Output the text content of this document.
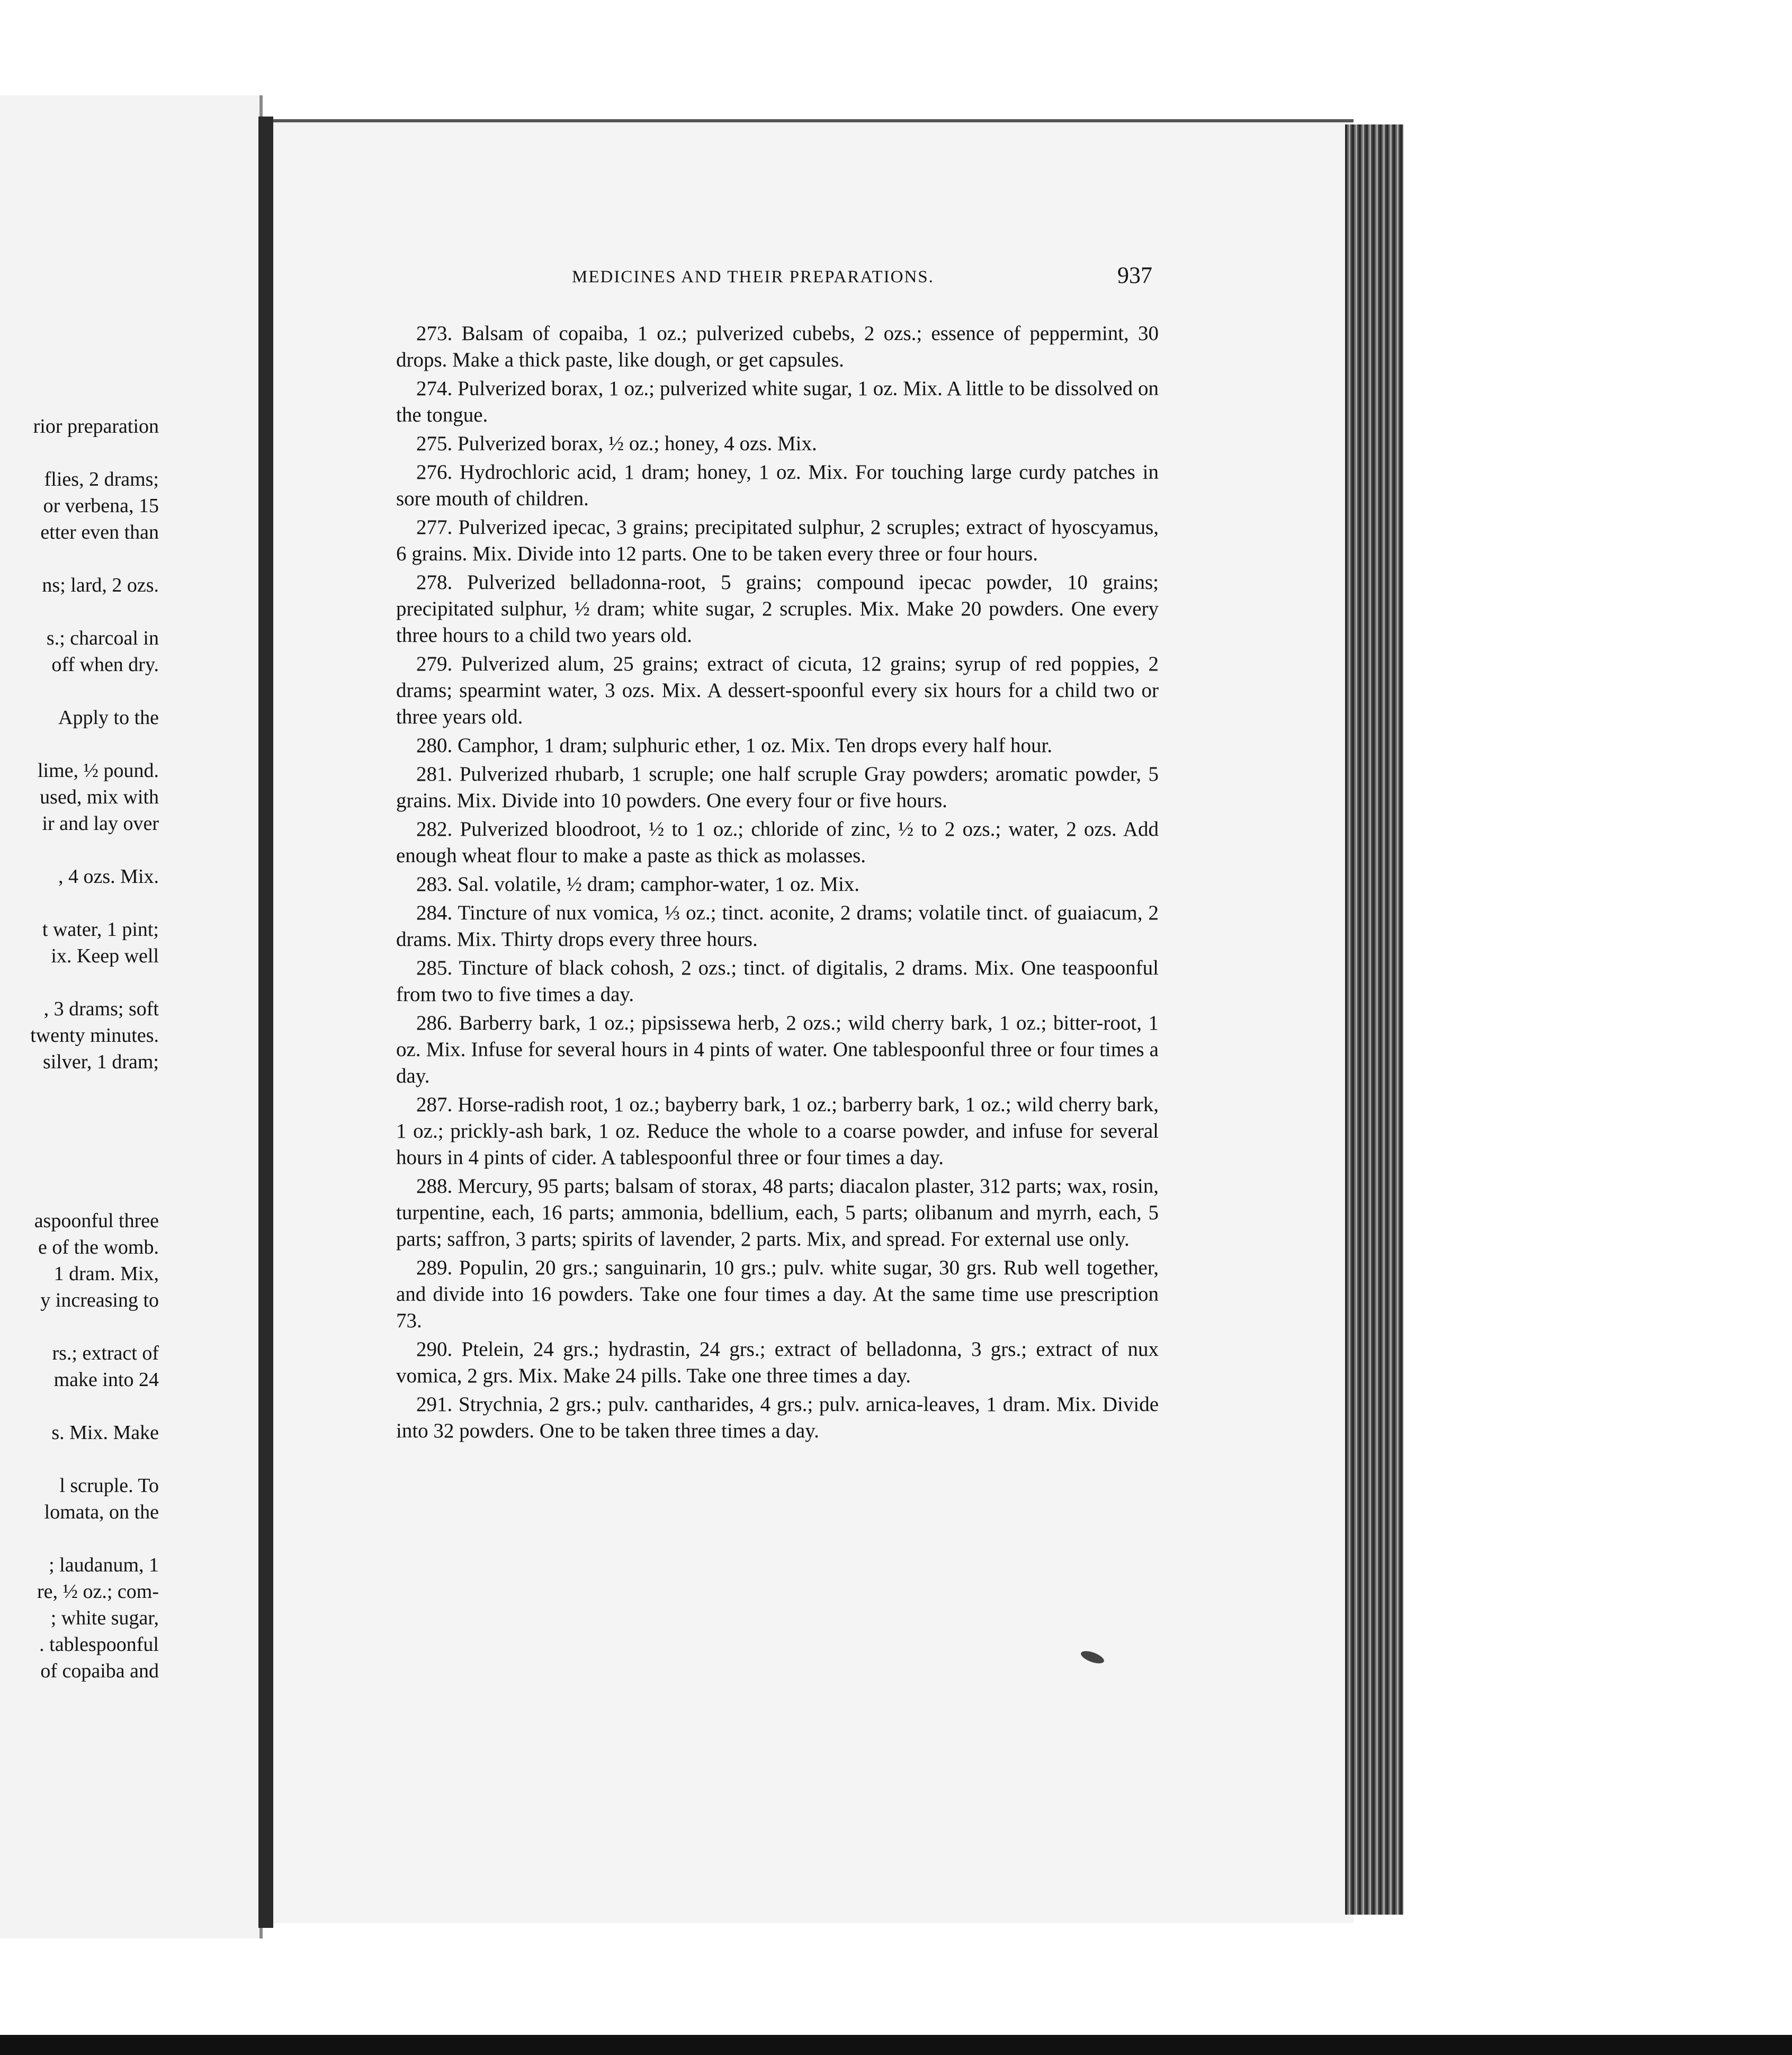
rior preparation
flies, 2 drams;
or verbena, 15
etter even than
ns; lard, 2 ozs.
s.; charcoal in
off when dry.
Apply to the
lime, ½ pound.
used, mix with
ir and lay over
, 4 ozs. Mix.
t water, 1 pint;
ix. Keep well
, 3 drams; soft
twenty minutes.
silver, 1 dram;
aspoonful three
e of the womb.
1 dram. Mix,
y increasing to
rs.; extract of
make into 24
s. Mix. Make
l scruple. To
lomata, on the
; laudanum, 1
re, ½ oz.; com-
; white sugar,
. tablespoonful
of copaiba and
MEDICINES AND THEIR PREPARATIONS.	937

273. Balsam of copaiba, 1 oz.; pulverized cubebs, 2 ozs.; essence of peppermint, 30 drops. Make a thick paste, like dough, or get capsules.

274. Pulverized borax, 1 oz.; pulverized white sugar, 1 oz. Mix. A little to be dissolved on the tongue.

275. Pulverized borax, ½ oz.; honey, 4 ozs. Mix.

276. Hydrochloric acid, 1 dram; honey, 1 oz. Mix. For touching large curdy patches in sore mouth of children.

277. Pulverized ipecac, 3 grains; precipitated sulphur, 2 scruples; extract of hyoscyamus, 6 grains. Mix. Divide into 12 parts. One to be taken every three or four hours.

278. Pulverized belladonna-root, 5 grains; compound ipecac powder, 10 grains; precipitated sulphur, ½ dram; white sugar, 2 scruples. Mix. Make 20 powders. One every three hours to a child two years old.

279. Pulverized alum, 25 grains; extract of cicuta, 12 grains; syrup of red poppies, 2 drams; spearmint water, 3 ozs. Mix. A dessert-spoonful every six hours for a child two or three years old.

280. Camphor, 1 dram; sulphuric ether, 1 oz. Mix. Ten drops every half hour.

281. Pulverized rhubarb, 1 scruple; one half scruple Gray powders; aromatic powder, 5 grains. Mix. Divide into 10 powders. One every four or five hours.

282. Pulverized bloodroot, ½ to 1 oz.; chloride of zinc, ½ to 2 ozs.; water, 2 ozs. Add enough wheat flour to make a paste as thick as molasses.

283. Sal. volatile, ½ dram; camphor-water, 1 oz. Mix.

284. Tincture of nux vomica, ⅓ oz.; tinct. aconite, 2 drams; volatile tinct. of guaiacum, 2 drams. Mix. Thirty drops every three hours.

285. Tincture of black cohosh, 2 ozs.; tinct. of digitalis, 2 drams. Mix. One teaspoonful from two to five times a day.

286. Barberry bark, 1 oz.; pipsissewa herb, 2 ozs.; wild cherry bark, 1 oz.; bitter-root, 1 oz. Mix. Infuse for several hours in 4 pints of water. One tablespoonful three or four times a day.

287. Horse-radish root, 1 oz.; bayberry bark, 1 oz.; barberry bark, 1 oz.; wild cherry bark, 1 oz.; prickly-ash bark, 1 oz. Reduce the whole to a coarse powder, and infuse for several hours in 4 pints of cider. A tablespoonful three or four times a day.

288. Mercury, 95 parts; balsam of storax, 48 parts; diacalon plaster, 312 parts; wax, rosin, turpentine, each, 16 parts; ammonia, bdellium, each, 5 parts; olibanum and myrrh, each, 5 parts; saffron, 3 parts; spirits of lavender, 2 parts. Mix, and spread. For external use only.

289. Populin, 20 grs.; sanguinarin, 10 grs.; pulv. white sugar, 30 grs. Rub well together, and divide into 16 powders. Take one four times a day. At the same time use prescription 73.

290. Ptelein, 24 grs.; hydrastin, 24 grs.; extract of belladonna, 3 grs.; extract of nux vomica, 2 grs. Mix. Make 24 pills. Take one three times a day.

291. Strychnia, 2 grs.; pulv. cantharides, 4 grs.; pulv. arnica-leaves, 1 dram. Mix. Divide into 32 powders. One to be taken three times a day.
